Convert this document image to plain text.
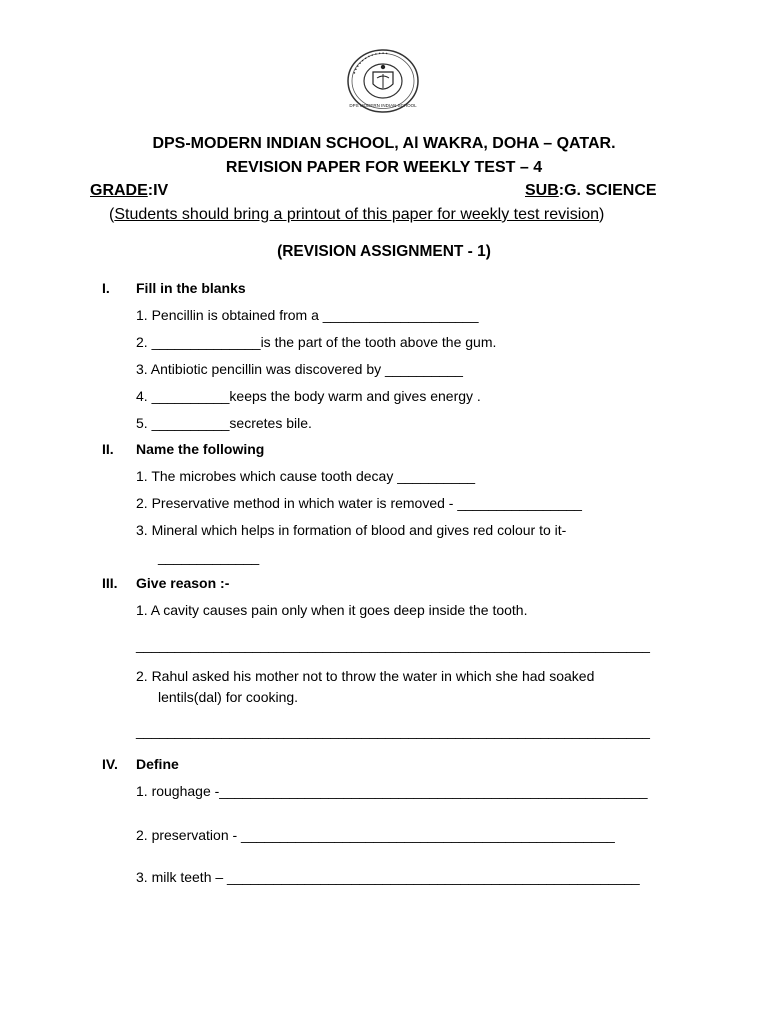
• • • • • • • • • • • •
DPS MODERN INDIAN SCHOOL
DPS-MODERN INDIAN SCHOOL, Al WAKRA, DOHA – QATAR.
REVISION PAPER FOR WEEKLY TEST – 4
GRADE:IV	SUB:G. SCIENCE
(Students should bring a printout of this paper for weekly test revision)
(REVISION ASSIGNMENT - 1)
I. Fill in the blanks
1. Pencillin is obtained from a ____________________
2. ______________is the part of the tooth above the gum.
3. Antibiotic pencillin was discovered by __________
4. __________keeps the body warm and gives energy .
5. __________secretes bile.
II. Name the following
1. The microbes which cause tooth decay __________
2. Preservative method in which water is removed - ________________
3. Mineral which helps in formation of blood and gives red colour to it-
_____________
III. Give reason :-
1. A cavity causes pain only when it goes deep inside the tooth.
__________________________________________________________________
2. Rahul asked his mother not to throw the water in which she had soaked
lentils(dal) for cooking.
__________________________________________________________________
IV. Define
1. roughage -_______________________________________________________
2. preservation - ________________________________________________
3. milk teeth – _____________________________________________________
